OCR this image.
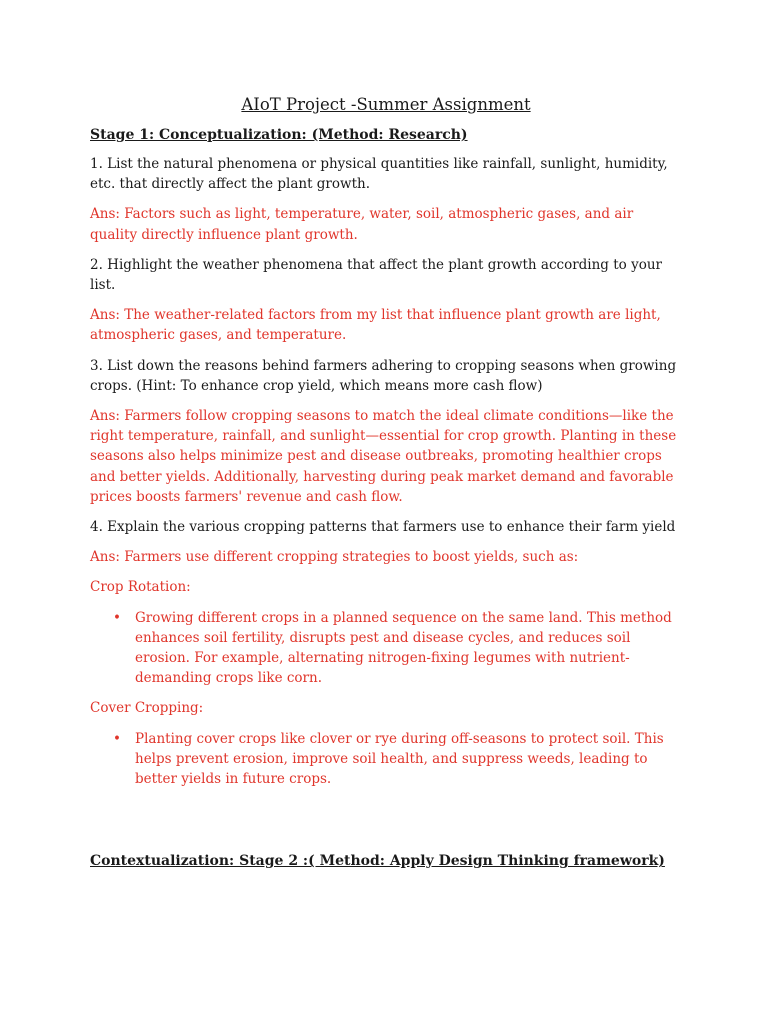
AIoT Project -Summer Assignment
Stage 1: Conceptualization: (Method: Research)

1. List the natural phenomena or physical quantities like rainfall, sunlight, humidity, etc. that directly affect the plant growth.

Ans: Factors such as light, temperature, water, soil, atmospheric gases, and air quality directly influence plant growth.

2. Highlight the weather phenomena that affect the plant growth according to your list.

Ans: The weather-related factors from my list that influence plant growth are light, atmospheric gases, and temperature.

3. List down the reasons behind farmers adhering to cropping seasons when growing crops. (Hint: To enhance crop yield, which means more cash flow)

Ans: Farmers follow cropping seasons to match the ideal climate conditions—like the right temperature, rainfall, and sunlight—essential for crop growth. Planting in these seasons also helps minimize pest and disease outbreaks, promoting healthier crops and better yields. Additionally, harvesting during peak market demand and favorable prices boosts farmers' revenue and cash flow.

4. Explain the various cropping patterns that farmers use to enhance their farm yield

Ans: Farmers use different cropping strategies to boost yields, such as:

Crop Rotation:

• Growing different crops in a planned sequence on the same land. This method enhances soil fertility, disrupts pest and disease cycles, and reduces soil erosion. For example, alternating nitrogen-fixing legumes with nutrient-demanding crops like corn.

Cover Cropping:

• Planting cover crops like clover or rye during off-seasons to protect soil. This helps prevent erosion, improve soil health, and suppress weeds, leading to better yields in future crops.
Contextualization: Stage 2 :( Method: Apply Design Thinking framework)
